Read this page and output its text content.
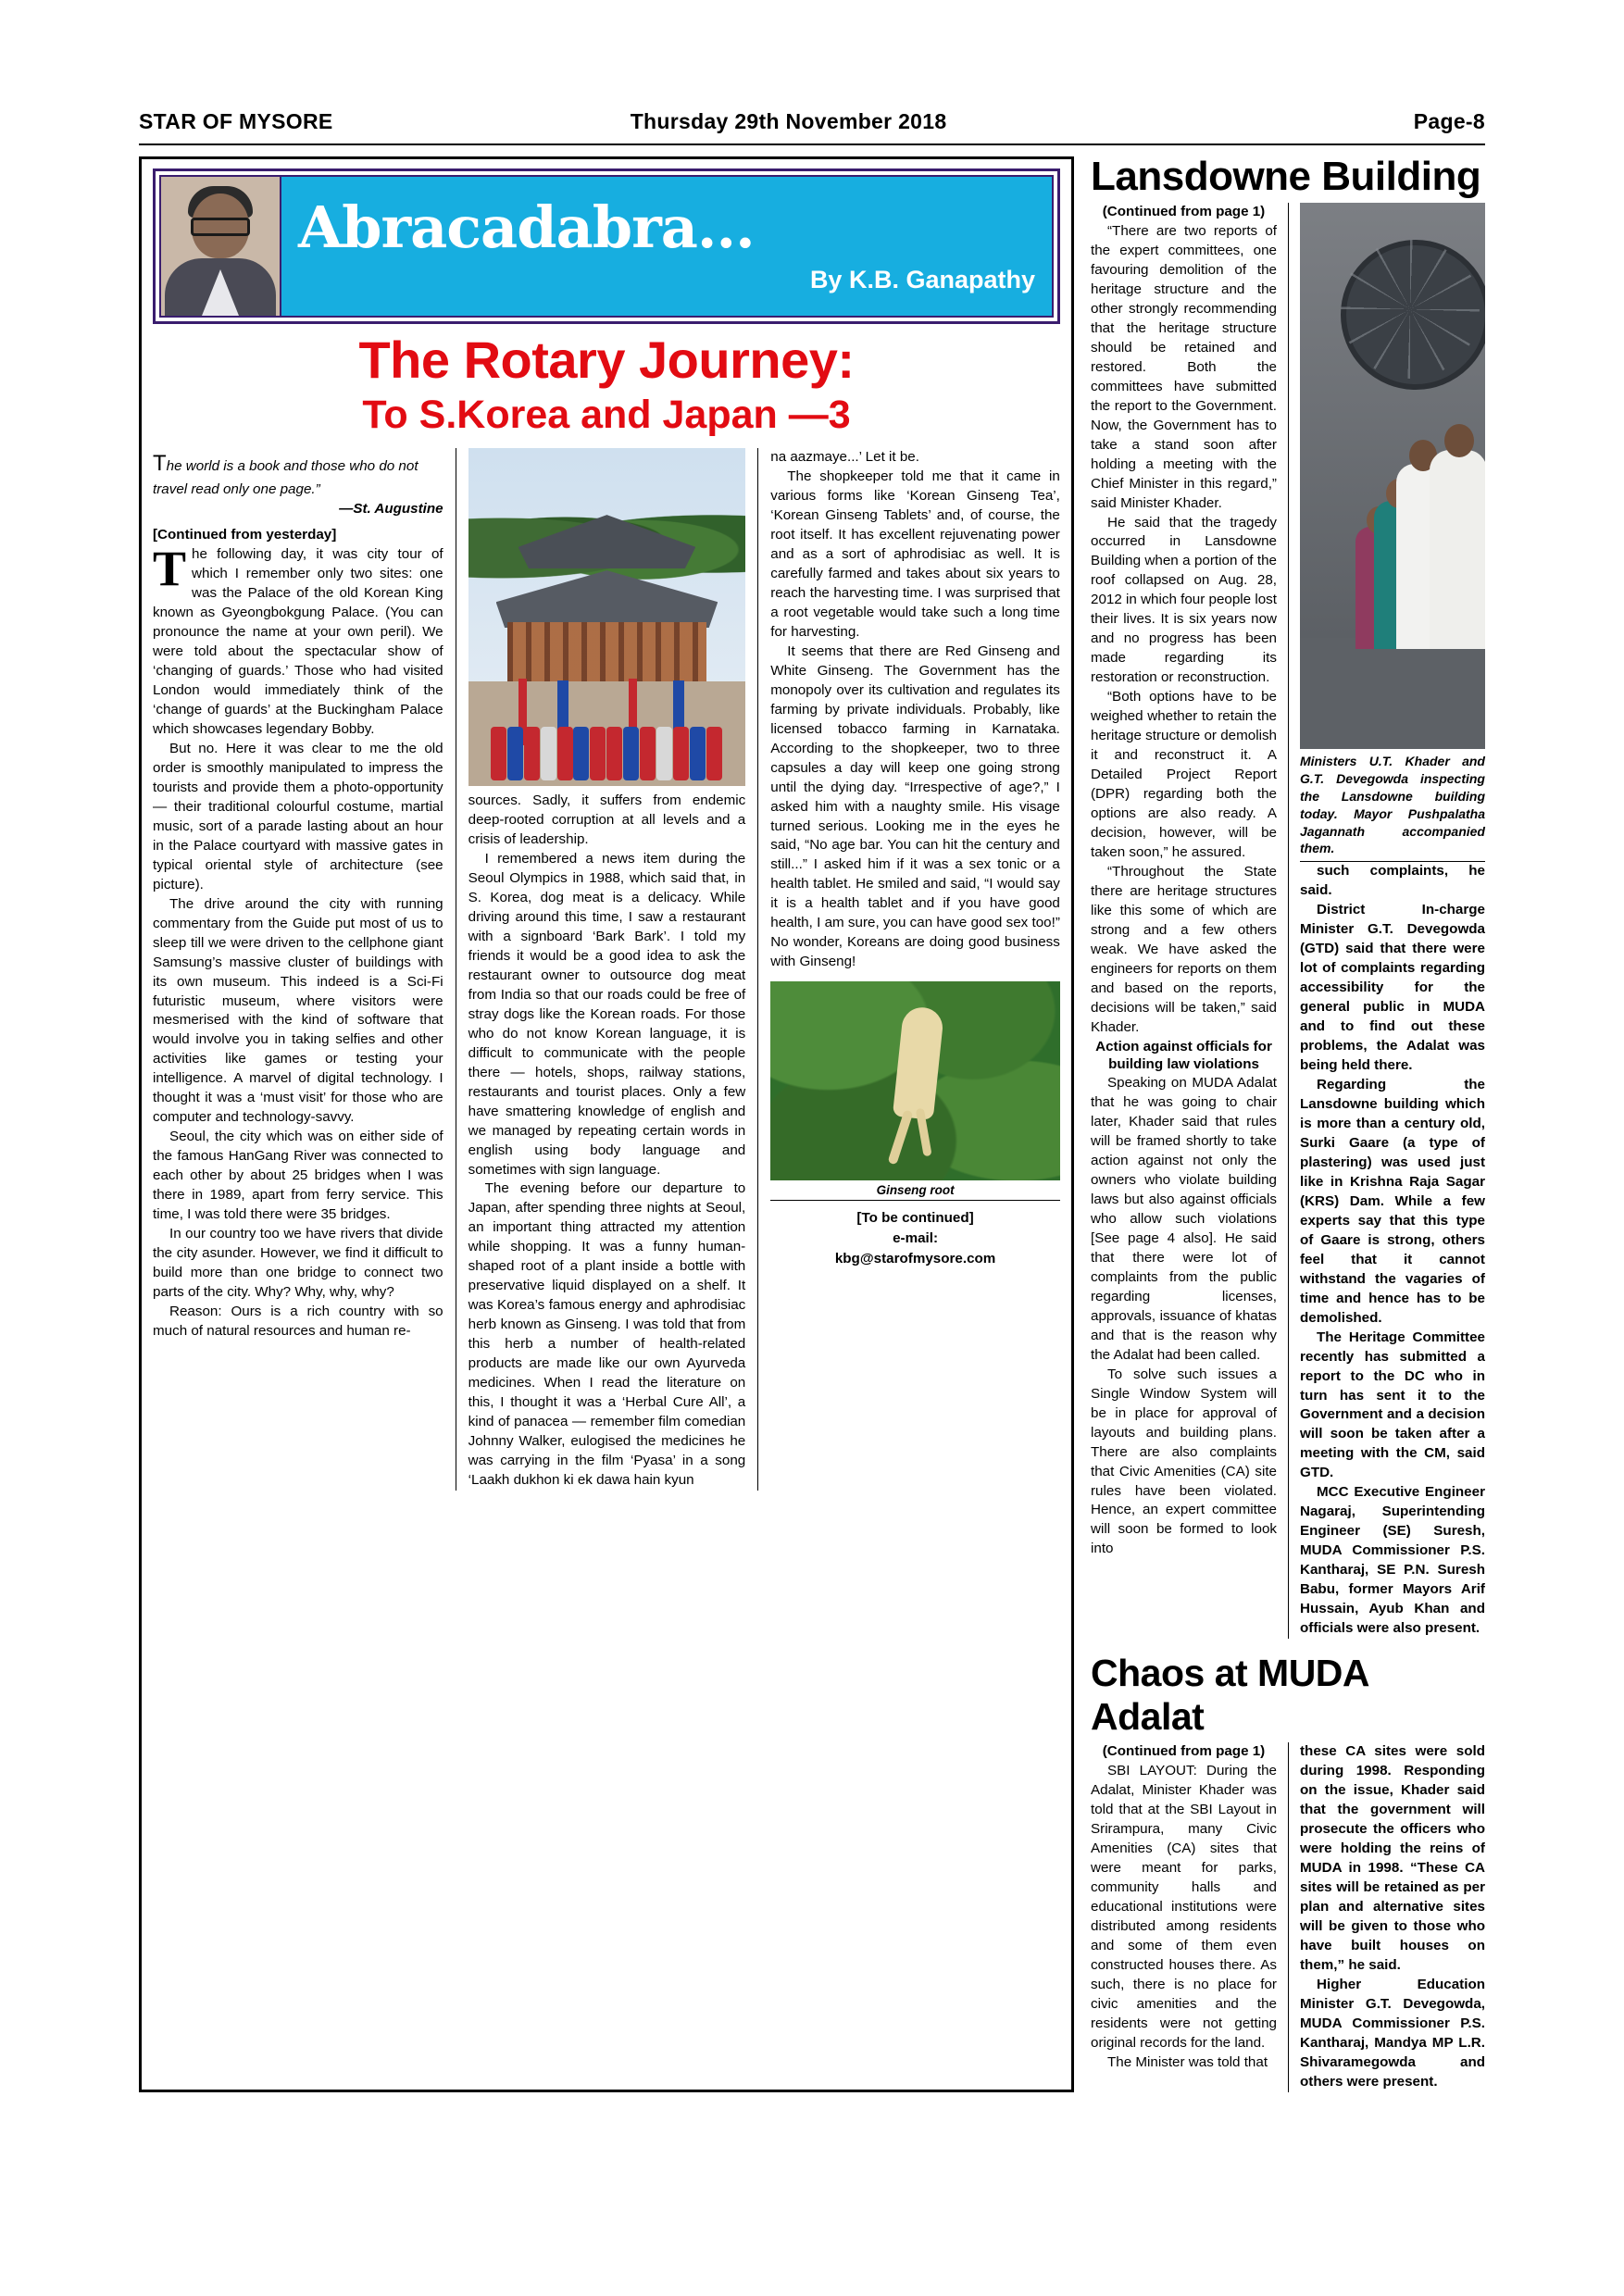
STAR OF MYSORE	Thursday 29th November 2018	Page-8
Abracadabra...
By K.B. Ganapathy
The Rotary Journey:
To S.Korea and Japan —3
The world is a book and those who do not travel read only one page.”
—St. Augustine

[Continued from yesterday]

The following day, it was city tour of which I remember only two sites: one was the Palace of the old Korean King known as Gyeongbokgung Palace. (You can pronounce the name at your own peril). We were told about the spectacular show of ‘changing of guards.’ Those who had visited London would immediately think of the ‘change of guards’ at the Buckingham Palace which showcases legendary Bobby.

But no. Here it was clear to me the old order is smoothly manipulated to impress the tourists and provide them a photo-opportunity — their traditional colourful costume, martial music, sort of a parade lasting about an hour in the Palace courtyard with massive gates in typical oriental style of architecture (see picture).

The drive around the city with running commentary from the Guide put most of us to sleep till we were driven to the cellphone giant Samsung’s massive cluster of buildings with its own museum. This indeed is a Sci-Fi futuristic museum, where visitors were mesmerised with the kind of software that would involve you in taking selfies and other activities like games or testing your intelligence. A marvel of digital technology. I thought it was a ‘must visit’ for those who are computer and technology-savvy.

Seoul, the city which was on either side of the famous HanGang River was connected to each other by about 25 bridges when I was there in 1989, apart from ferry service. This time, I was told there were 35 bridges.

In our country too we have rivers that divide the city asunder. However, we find it difficult to build more than one bridge to connect two parts of the city. Why? Why, why, why?

Reason: Ours is a rich country with so much of natural resources and human re-

sources. Sadly, it suffers from endemic deep-rooted corruption at all levels and a crisis of leadership.

I remembered a news item during the Seoul Olympics in 1988, which said that, in S. Korea, dog meat is a delicacy. While driving around this time, I saw a restaurant with a signboard ‘Bark Bark’. I told my friends it would be a good idea to ask the restaurant owner to outsource dog meat from India so that our roads could be free of stray dogs like the Korean roads. For those who do not know Korean language, it is difficult to communicate with the people there — hotels, shops, railway stations, restaurants and tourist places. Only a few have smattering knowledge of english and we managed by repeating certain words in english using body language and sometimes with sign language.

The evening before our departure to Japan, after spending three nights at Seoul, an important thing attracted my attention while shopping. It was a funny human-shaped root of a plant inside a bottle with preservative liquid displayed on a shelf. It was Korea’s famous energy and aphrodisiac herb known as Ginseng. I was told that from this herb a number of health-related products are made like our own Ayurveda medicines. When I read the literature on this, I thought it was a ‘Herbal Cure All’, a kind of panacea — remember film comedian Johnny Walker, eulogised the medicines he was carrying in the film ‘Pyasa’ in a song ‘Laakh dukhon ki ek dawa hain kyun

na aazmaye...’ Let it be.

The shopkeeper told me that it came in various forms like ‘Korean Ginseng Tea’, ‘Korean Ginseng Tablets’ and, of course, the root itself. It has excellent rejuvenating power and as a sort of aphrodisiac as well. It is carefully farmed and takes about six years to reach the harvesting time. I was surprised that a root vegetable would take such a long time for harvesting.

It seems that there are Red Ginseng and White Ginseng. The Government has the monopoly over its cultivation and regulates its farming by private individuals. Probably, like licensed tobacco farming in Karnataka. According to the shopkeeper, two to three capsules a day will keep one going strong until the dying day. “Irrespective of age?,” I asked him with a naughty smile. His visage turned serious. Looking me in the eyes he said, “No age bar. You can hit the century and still...” I asked him if it was a sex tonic or a health tablet. He smiled and said, “I would say it is a health tablet and if you have good health, I am sure, you can have good sex too!” No wonder, Koreans are doing good business with Ginseng!

Ginseng root
[To be continued]
e-mail:
kbg@starofmysore.com
Lansdowne Building

(Continued from page 1)

“There are two reports of the expert committees, one favouring demolition of the heritage structure and the other strongly recommending that the heritage structure should be retained and restored. Both the committees have submitted the report to the Government. Now, the Government has to take a stand soon after holding a meeting with the Chief Minister in this regard,” said Minister Khader.

He said that the tragedy occurred in Lansdowne Building when a portion of the roof collapsed on Aug. 28, 2012 in which four people lost their lives. It is six years now and no progress has been made regarding its restoration or reconstruction.

“Both options have to be weighed whether to retain the heritage structure or demolish it and reconstruct it. A Detailed Project Report (DPR) regarding both the options are also ready. A decision, however, will be taken soon,” he assured.

“Throughout the State there are heritage structures like this some of which are strong and a few others weak. We have asked the engineers for reports on them and based on the reports, decisions will be taken,” said Khader.

Action against officials for building law violations

Speaking on MUDA Adalat that he was going to chair later, Khader said that rules will be framed shortly to take action against not only the owners who violate building laws but also against officials who allow such violations [See page 4 also]. He said that there were lot of complaints from the public regarding licenses, approvals, issuance of khatas and that is the reason why the Adalat had been called.

To solve such issues a Single Window System will be in place for approval of layouts and building plans. There are also complaints that Civic Amenities (CA) site rules have been violated. Hence, an expert committee will soon be formed to look into

Ministers U.T. Khader and G.T. Devegowda inspecting the Lansdowne building today. Mayor Pushpalatha Jagannath accompanied them.

such complaints, he said.

District In-charge Minister G.T. Devegowda (GTD) said that there were lot of complaints regarding accessibility for the general public in MUDA and to find out these problems, the Adalat was being held there.

Regarding the Lansdowne building which is more than a century old, Surki Gaare (a type of plastering) was used just like in Krishna Raja Sagar (KRS) Dam. While a few experts say that this type of Gaare is strong, others feel that it cannot withstand the vagaries of time and hence has to be demolished.

The Heritage Committee recently has submitted a report to the DC who in turn has sent it to the Government and a decision will soon be taken after a meeting with the CM, said GTD.

MCC Executive Engineer Nagaraj, Superintending Engineer (SE) Suresh, MUDA Commissioner P.S. Kantharaj, SE P.N. Suresh Babu, former Mayors Arif Hussain, Ayub Khan and officials were also present.

Chaos at MUDA Adalat

(Continued from page 1)

SBI LAYOUT: During the Adalat, Minister Khader was told that at the SBI Layout in Srirampura, many Civic Amenities (CA) sites that were meant for parks, community halls and educational institutions were distributed among residents and some of them even constructed houses there. As such, there is no place for civic amenities and the residents were not getting original records for the land.

The Minister was told that

these CA sites were sold during 1998. Responding on the issue, Khader said that the government will prosecute the officers who were holding the reins of MUDA in 1998. “These CA sites will be retained as per plan and alternative sites will be given to those who have built houses on them,” he said.

Higher Education Minister G.T. Devegowda, MUDA Commissioner P.S. Kantharaj, Mandya MP L.R. Shivaramegowda and others were present.
